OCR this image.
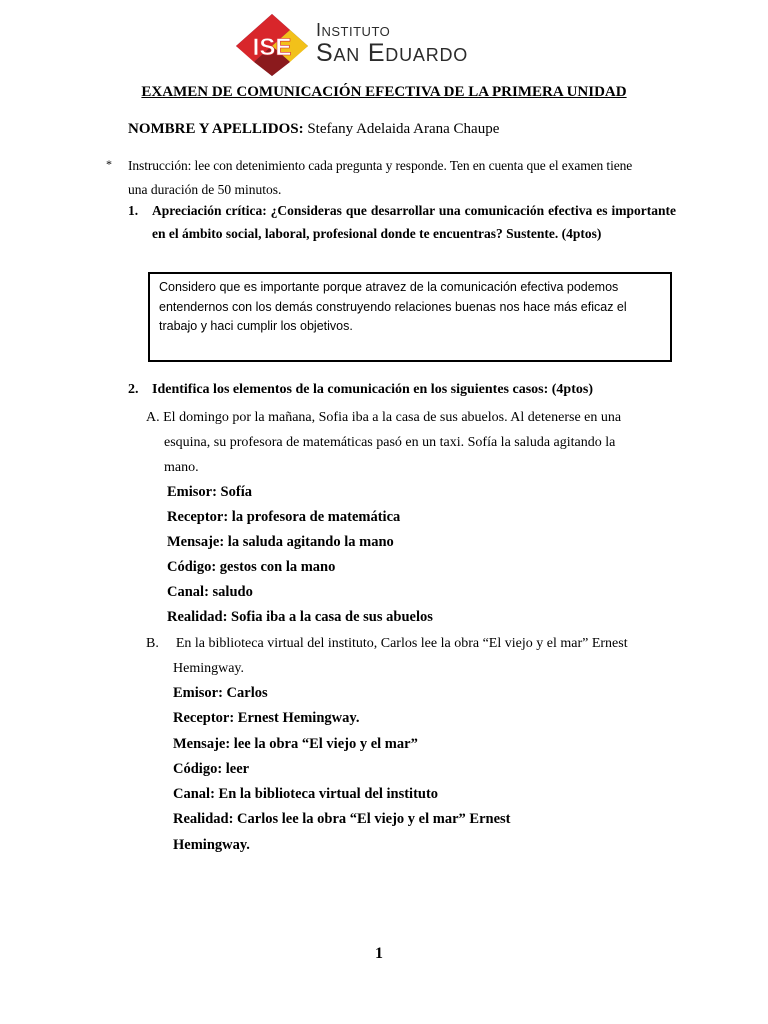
ISE
Instituto
San Eduardo
EXAMEN DE COMUNICACIÓN EFECTIVA DE LA PRIMERA UNIDAD
NOMBRE Y APELLIDOS: Stefany Adelaida Arana Chaupe
* Instrucción: lee con detenimiento cada pregunta y responde. Ten en cuenta que el examen tiene
una duración de 50 minutos.
1. Apreciación crítica: ¿Consideras que desarrollar una comunicación efectiva es importante en el ámbito social, laboral, profesional donde te encuentras? Sustente. (4ptos)
Considero que es importante porque atravez de la comunicación efectiva podemos entendernos con los demás construyendo relaciones buenas nos hace más eficaz el trabajo y haci cumplir los objetivos.
2. Identifica los elementos de la comunicación en los siguientes casos: (4ptos)
A. El domingo por la mañana, Sofia iba a la casa de sus abuelos. Al detenerse en una
esquina, su profesora de matemáticas pasó en un taxi. Sofía la saluda agitando la
mano.
Emisor: Sofía
Receptor: la profesora de matemática
Mensaje: la saluda agitando la mano
Código: gestos con la mano
Canal: saludo
Realidad: Sofia iba a la casa de sus abuelos
B. En la biblioteca virtual del instituto, Carlos lee la obra “El viejo y el mar” Ernest
Hemingway.
Emisor: Carlos
Receptor: Ernest Hemingway.
Mensaje: lee la obra “El viejo y el mar”
Código: leer
Canal: En la biblioteca virtual del instituto
Realidad: Carlos lee la obra “El viejo y el mar” Ernest
Hemingway.
1
